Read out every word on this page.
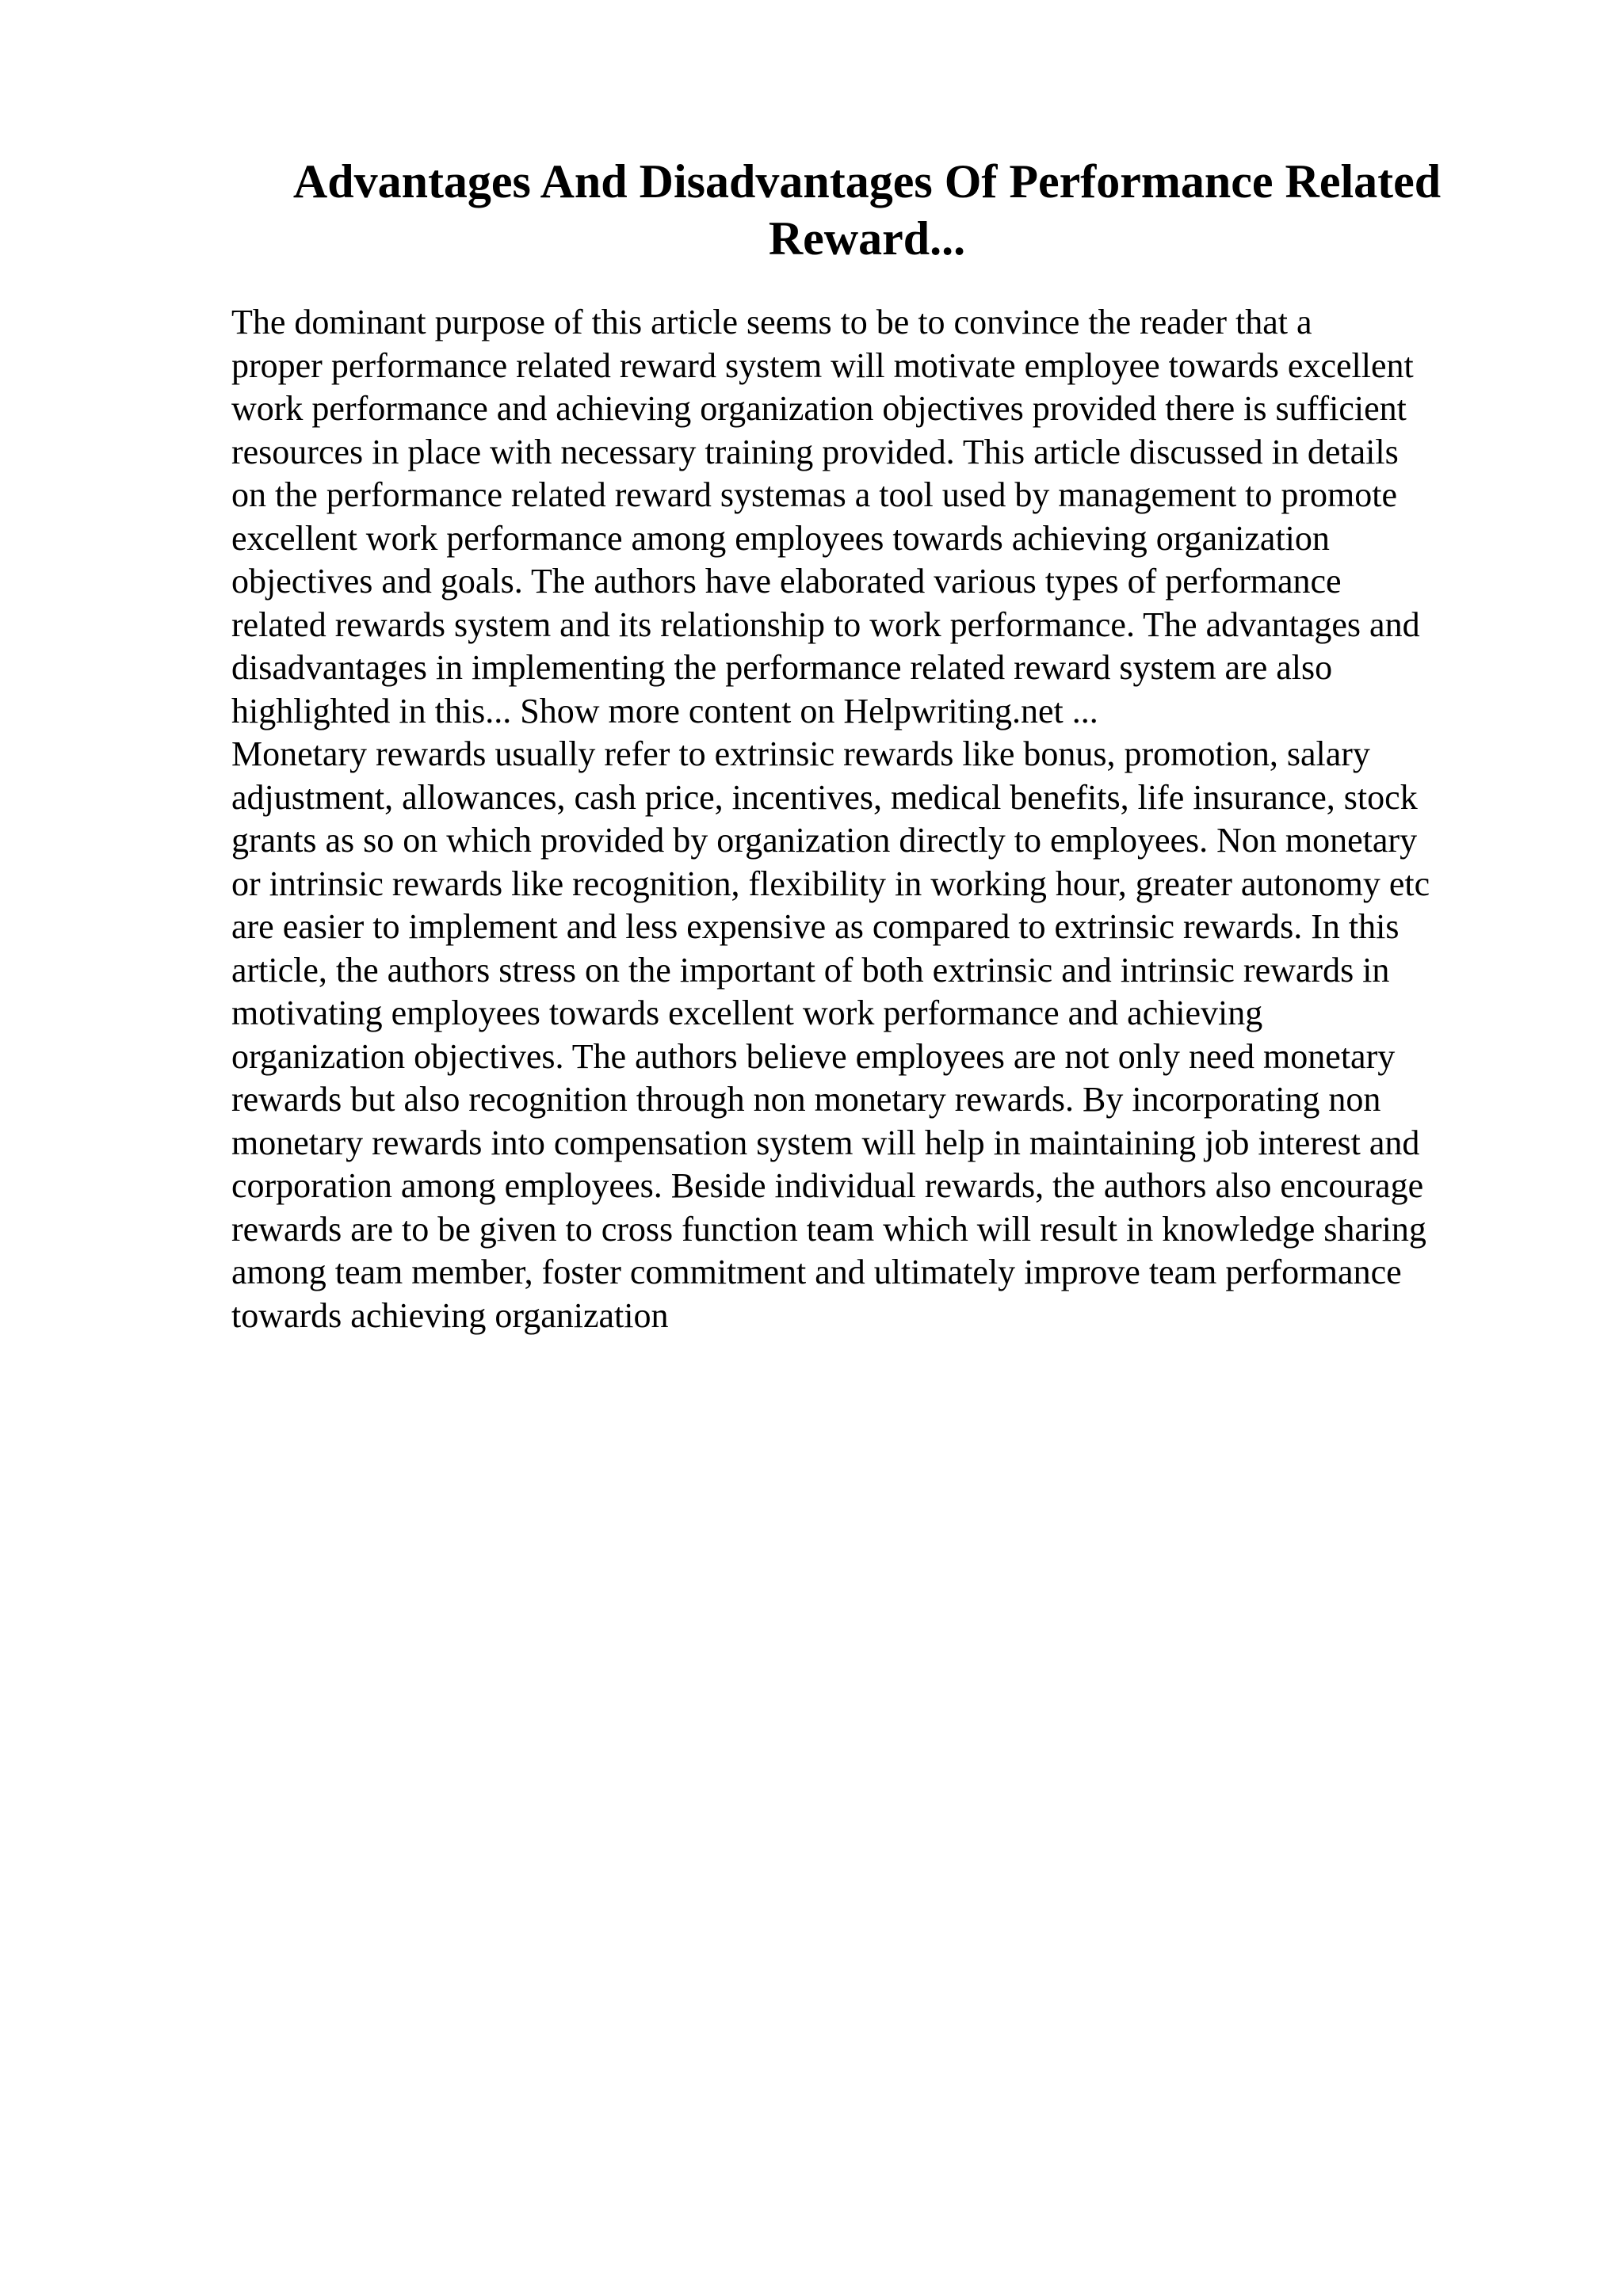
Advantages And Disadvantages Of Performance Related
Reward...
The dominant purpose of this article seems to be to convince the reader that a
proper performance related reward system will motivate employee towards excellent
work performance and achieving organization objectives provided there is sufficient
resources in place with necessary training provided. This article discussed in details
on the performance related reward systemas a tool used by management to promote
excellent work performance among employees towards achieving organization
objectives and goals. The authors have elaborated various types of performance
related rewards system and its relationship to work performance. The advantages and
disadvantages in implementing the performance related reward system are also
highlighted in this... Show more content on Helpwriting.net ...
Monetary rewards usually refer to extrinsic rewards like bonus, promotion, salary
adjustment, allowances, cash price, incentives, medical benefits, life insurance, stock
grants as so on which provided by organization directly to employees. Non monetary
or intrinsic rewards like recognition, flexibility in working hour, greater autonomy etc
are easier to implement and less expensive as compared to extrinsic rewards. In this
article, the authors stress on the important of both extrinsic and intrinsic rewards in
motivating employees towards excellent work performance and achieving
organization objectives. The authors believe employees are not only need monetary
rewards but also recognition through non monetary rewards. By incorporating non
monetary rewards into compensation system will help in maintaining job interest and
corporation among employees. Beside individual rewards, the authors also encourage
rewards are to be given to cross function team which will result in knowledge sharing
among team member, foster commitment and ultimately improve team performance
towards achieving organization
